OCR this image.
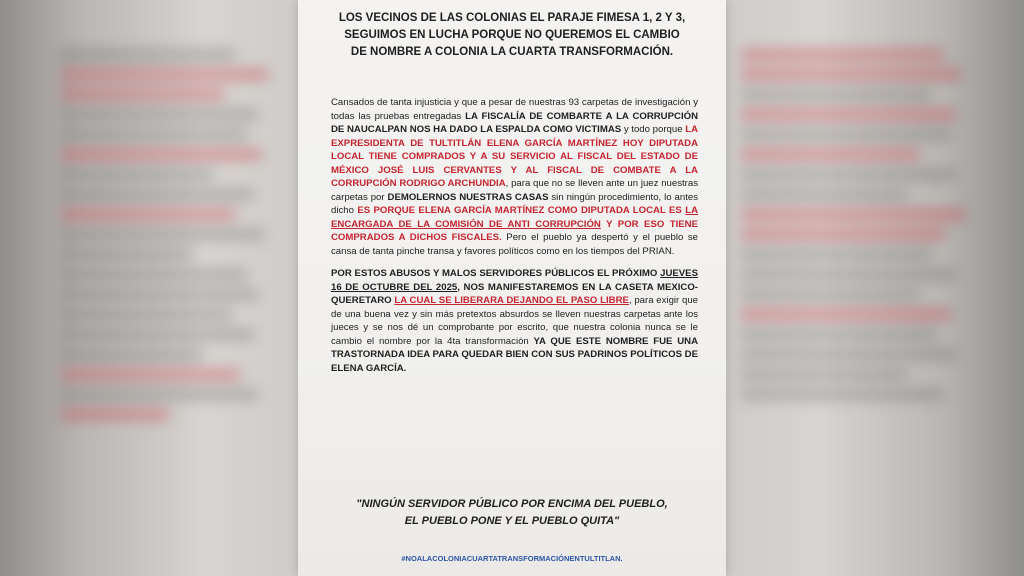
LOS VECINOS DE LAS COLONIAS EL PARAJE FIMESA 1, 2 Y 3,
SEGUIMOS EN LUCHA PORQUE NO QUEREMOS EL CAMBIO
DE NOMBRE A COLONIA LA CUARTA TRANSFORMACIÓN.

Cansados de tanta injusticia y que a pesar de nuestras 93 carpetas de investigación y todas las pruebas entregadas LA FISCALÍA DE COMBARTE A LA CORRUPCIÓN DE NAUCALPAN NOS HA DADO LA ESPALDA COMO VICTIMAS y todo porque LA EXPRESIDENTA DE TULTITLÁN ELENA GARCÍA MARTÍNEZ HOY DIPUTADA LOCAL TIENE COMPRADOS Y A SU SERVICIO AL FISCAL DEL ESTADO DE MÉXICO JOSÉ LUIS CERVANTES Y AL FISCAL DE COMBATE A LA CORRUPCIÓN RODRIGO ARCHUNDIA, para que no se lleven ante un juez nuestras carpetas por DEMOLERNOS NUESTRAS CASAS sin ningún procedimiento, lo antes dicho ES PORQUE ELENA GARCÍA MARTÍNEZ COMO DIPUTADA LOCAL ES LA ENCARGADA DE LA COMISIÓN DE ANTI CORRUPCIÓN Y POR ESO TIENE COMPRADOS A DICHOS FISCALES. Pero el pueblo ya despertó y el pueblo se cansa de tanta pinche transa y favores políticos como en los tiempos del PRIAN.

POR ESTOS ABUSOS Y MALOS SERVIDORES PÚBLICOS EL PRÓXIMO JUEVES 16 DE OCTUBRE DEL 2025, NOS MANIFESTAREMOS EN LA CASETA MEXICO-QUERETARO LA CUAL SE LIBERARA DEJANDO EL PASO LIBRE, para exigir que de una buena vez y sin más pretextos absurdos se lleven nuestras carpetas ante los jueces y se nos dé un comprobante por escrito, que nuestra colonia nunca se le cambio el nombre por la 4ta transformación YA QUE ESTE NOMBRE FUE UNA TRASTORNADA IDEA PARA QUEDAR BIEN CON SUS PADRINOS POLÍTICOS DE ELENA GARCÍA.

"NINGÚN SERVIDOR PÚBLICO POR ENCIMA DEL PUEBLO,
EL PUEBLO PONE Y EL PUEBLO QUITA"
#NOALACOLONIACUARTATRANSFORMACIÓNENTULTITLAN.
